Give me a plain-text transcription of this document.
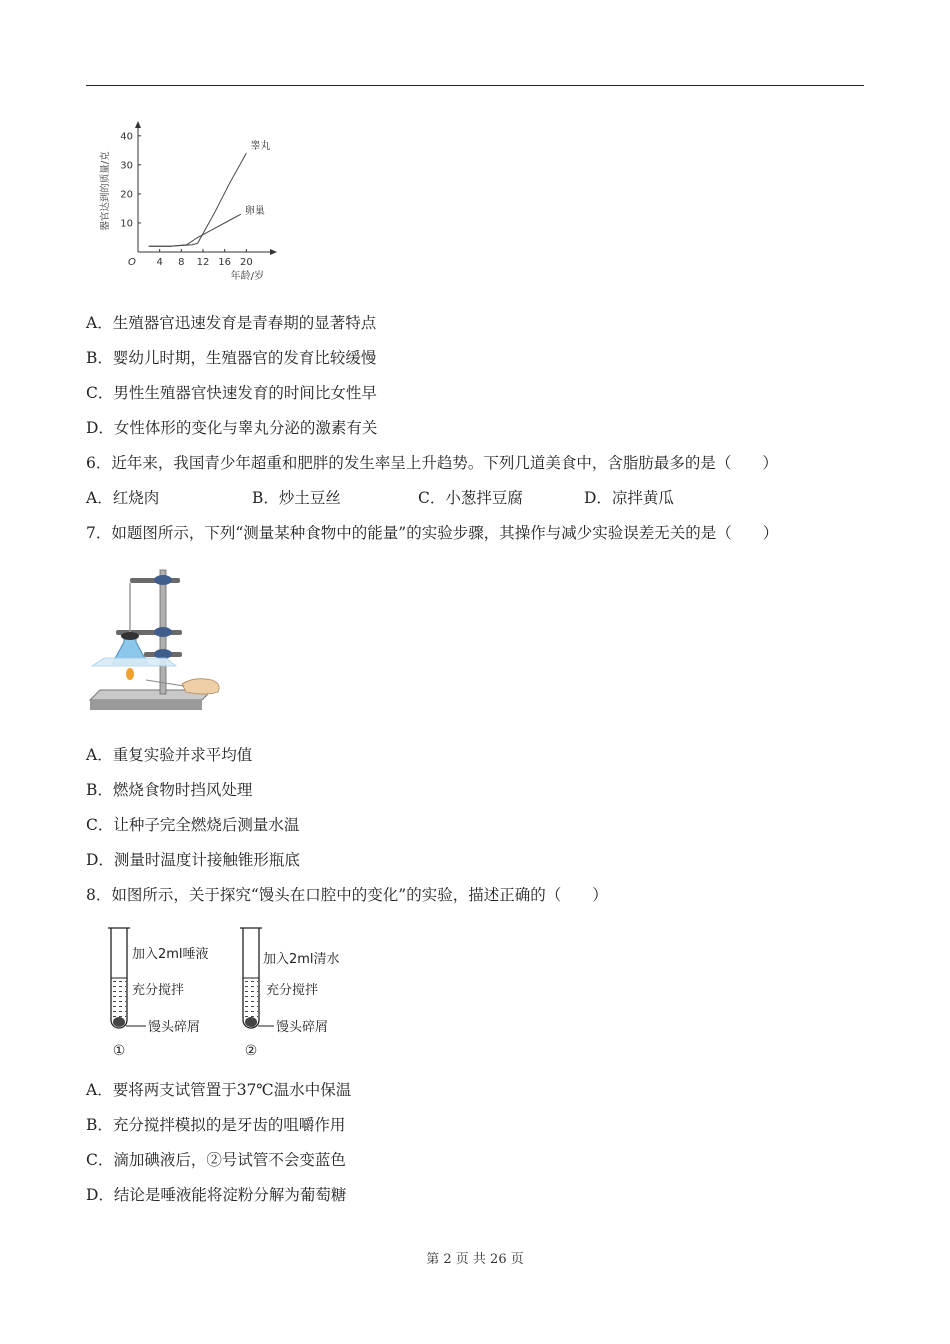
4 8 12 16 20
10
20
30
40
O
年龄/岁
器官达到的质量/克
睾丸
卵巢
A．生殖器官迅速发育是青春期的显著特点
B．婴幼儿时期，生殖器官的发育比较缓慢
C．男性生殖器官快速发育的时间比女性早
D．女性体形的变化与睾丸分泌的激素有关
6．近年来，我国青少年超重和肥胖的发生率呈上升趋势。下列几道美食中，含脂肪最多的是（　　）
A．红烧肉	B．炒土豆丝	C．小葱拌豆腐	D．凉拌黄瓜
7．如题图所示，下列“测量某种食物中的能量”的实验步骤，其操作与减少实验误差无关的是（　　）
A．重复实验并求平均值
B．燃烧食物时挡风处理
C．让种子完全燃烧后测量水温
D．测量时温度计接触锥形瓶底
8．如图所示，关于探究“馒头在口腔中的变化”的实验，描述正确的（　　）
加入2ml唾液
充分搅拌
馒头碎屑
①
加入2ml清水
充分搅拌
馒头碎屑
②
A．要将两支试管置于37℃温水中保温
B．充分搅拌模拟的是牙齿的咀嚼作用
C．滴加碘液后，②号试管不会变蓝色
D．结论是唾液能将淀粉分解为葡萄糖
第 2 页 共 26 页
